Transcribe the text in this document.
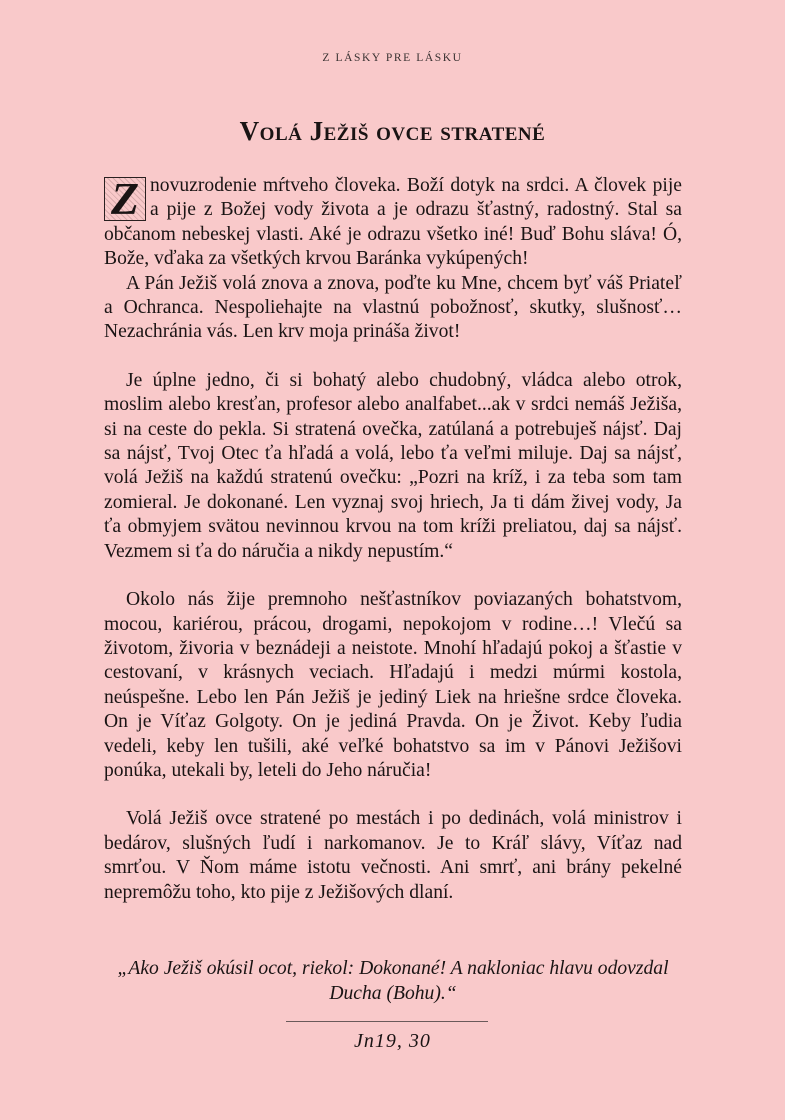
Z LÁSKY PRE LÁSKU
Volá Ježiš ovce stratené

Z novuzrodenie mŕtveho človeka. Boží dotyk na srdci. A človek pije a pije z Božej vody života a je odrazu šťastný, radostný. Stal sa občanom nebeskej vlasti. Aké je odrazu všetko iné! Buď Bohu sláva! Ó, Bože, vďaka za všetkých krvou Baránka vykúpených!

A Pán Ježiš volá znova a znova, poďte ku Mne, chcem byť váš Priateľ a Ochranca. Nespoliehajte na vlastnú pobožnosť, skutky, slušnosť… Nezachránia vás. Len krv moja prináša život!

Je úplne jedno, či si bohatý alebo chudobný, vládca alebo otrok, moslim alebo kresťan, profesor alebo analfabet...ak v srdci nemáš Ježiša, si na ceste do pekla. Si stratená ovečka, zatúlaná a potrebuješ nájsť. Daj sa nájsť, Tvoj Otec ťa hľadá a volá, lebo ťa veľmi miluje. Daj sa nájsť, volá Ježiš na každú stratenú ovečku: „Pozri na kríž, i za teba som tam zomieral. Je dokonané. Len vyznaj svoj hriech, Ja ti dám živej vody, Ja ťa obmyjem svätou nevinnou krvou na tom kríži preliatou, daj sa nájsť. Vezmem si ťa do náručia a nikdy nepustím.“

Okolo nás žije premnoho nešťastníkov poviazaných bohatstvom, mocou, kariérou, prácou, drogami, nepokojom v rodine…! Vlečú sa životom, živoria v beznádeji a neistote. Mnohí hľadajú pokoj a šťastie v cestovaní, v krásnych veciach. Hľadajú i medzi múrmi kostola, neúspešne. Lebo len Pán Ježiš je jediný Liek na hriešne srdce človeka. On je Víťaz Golgoty. On je jediná Pravda. On je Život. Keby ľudia vedeli, keby len tušili, aké veľké bohatstvo sa im v Pánovi Ježišovi ponúka, utekali by, leteli do Jeho náručia!

Volá Ježiš ovce stratené po mestách i po dedinách, volá ministrov i bedárov, slušných ľudí i narkomanov. Je to Kráľ slávy, Víťaz nad smrťou. V Ňom máme istotu večnosti. Ani smrť, ani brány pekelné nepremôžu toho, kto pije z Ježišových dlaní.

„Ako Ježiš okúsil ocot, riekol: Dokonané! A nakloniac hlavu odovzdal Ducha (Bohu).“
Jn19, 30
